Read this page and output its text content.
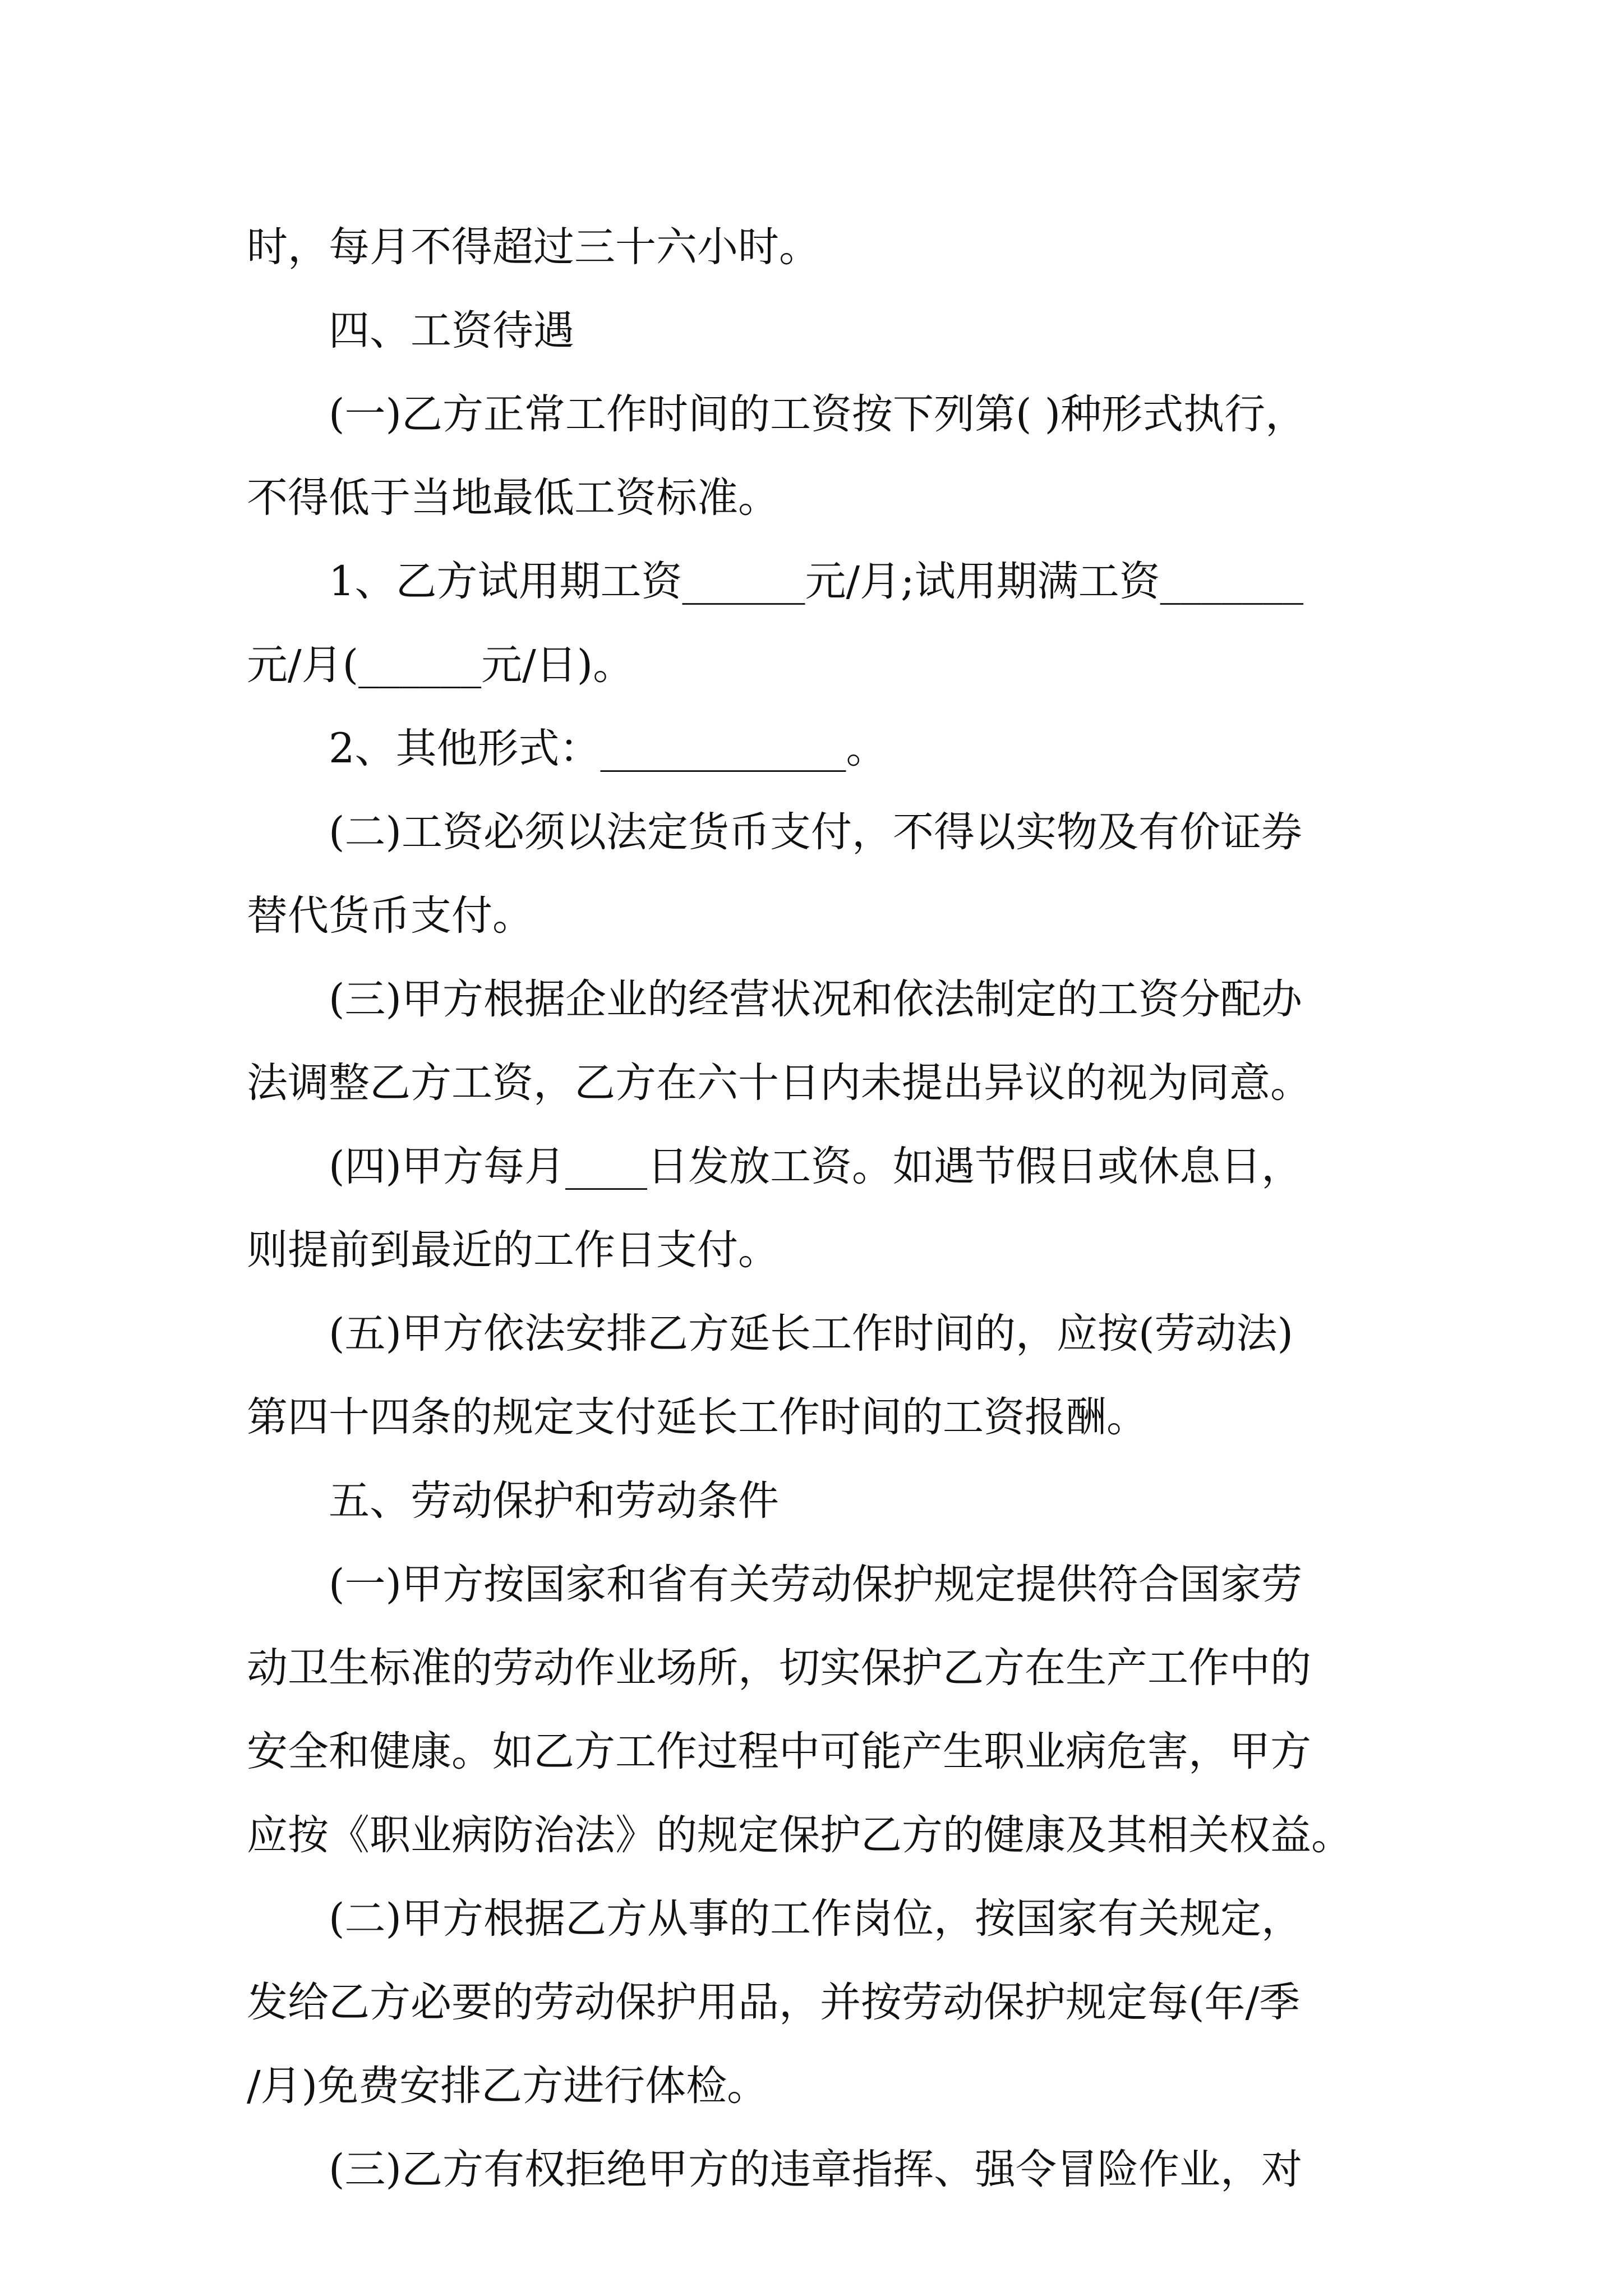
时，每月不得超过三十六小时。

四、工资待遇

(一)乙方正常工作时间的工资按下列第( )种形式执行，

不得低于当地最低工资标准。

1、乙方试用期工资______元/月;试用期满工资_______

元/月(______元/日)。

2、其他形式：____________。

(二)工资必须以法定货币支付，不得以实物及有价证券

替代货币支付。

(三)甲方根据企业的经营状况和依法制定的工资分配办

法调整乙方工资，乙方在六十日内未提出异议的视为同意。

(四)甲方每月____日发放工资。如遇节假日或休息日，

则提前到最近的工作日支付。

(五)甲方依法安排乙方延长工作时间的，应按(劳动法)

第四十四条的规定支付延长工作时间的工资报酬。

五、劳动保护和劳动条件

(一)甲方按国家和省有关劳动保护规定提供符合国家劳

动卫生标准的劳动作业场所，切实保护乙方在生产工作中的

安全和健康。如乙方工作过程中可能产生职业病危害，甲方

应按《职业病防治法》的规定保护乙方的健康及其相关权益。

(二)甲方根据乙方从事的工作岗位，按国家有关规定，

发给乙方必要的劳动保护用品，并按劳动保护规定每(年/季

/月)免费安排乙方进行体检。

(三)乙方有权拒绝甲方的违章指挥、强令冒险作业，对
